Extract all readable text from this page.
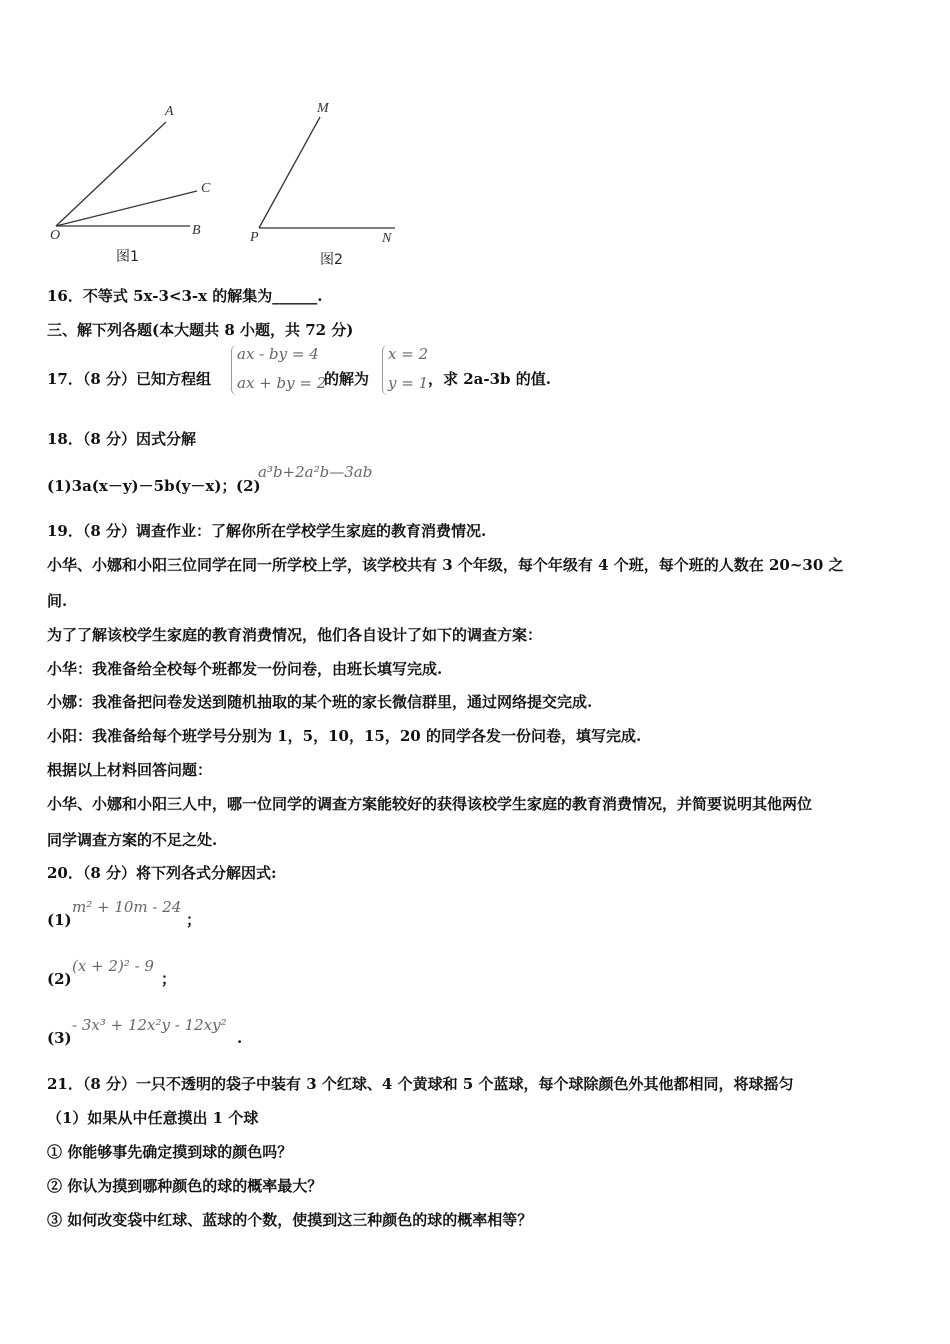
A
C
O	B
图1
M
P	N
图2
16．不等式 5x-3<3-x 的解集为______.
三、解下列各题(本大题共 8 小题，共 72 分)
17．（8 分）已知方程组
ax - by = 4
ax + by = 2
的解为
x = 2
y = 1 ，求 2a-3b 的值.
18．（8 分）因式分解
(1)3a(x－y)－5b(y－x)； (2)
a³b+2a²b—3ab
19．（8 分）调查作业：了解你所在学校学生家庭的教育消费情况.
小华、小娜和小阳三位同学在同一所学校上学，该学校共有 3 个年级，每个年级有 4 个班，每个班的人数在 20~30 之
间.
为了了解该校学生家庭的教育消费情况，他们各自设计了如下的调查方案：
小华：我准备给全校每个班都发一份问卷，由班长填写完成.
小娜：我准备把问卷发送到随机抽取的某个班的家长微信群里，通过网络提交完成.
小阳：我准备给每个班学号分别为 1，5，10，15，20 的同学各发一份问卷，填写完成.
根据以上材料回答问题：
小华、小娜和小阳三人中，哪一位同学的调查方案能较好的获得该校学生家庭的教育消费情况，并简要说明其他两位
同学调查方案的不足之处.
20．（8 分）将下列各式分解因式:
(1)
m² + 10m - 24
；
(2)
(x + 2)² - 9
；
(3)
- 3x³ + 12x²y - 12xy²
.
21．（8 分）一只不透明的袋子中装有 3 个红球、4 个黄球和 5 个蓝球，每个球除颜色外其他都相同，将球摇匀
（1）如果从中任意摸出 1 个球
① 你能够事先确定摸到球的颜色吗？
② 你认为摸到哪种颜色的球的概率最大？
③ 如何改变袋中红球、蓝球的个数，使摸到这三种颜色的球的概率相等？
